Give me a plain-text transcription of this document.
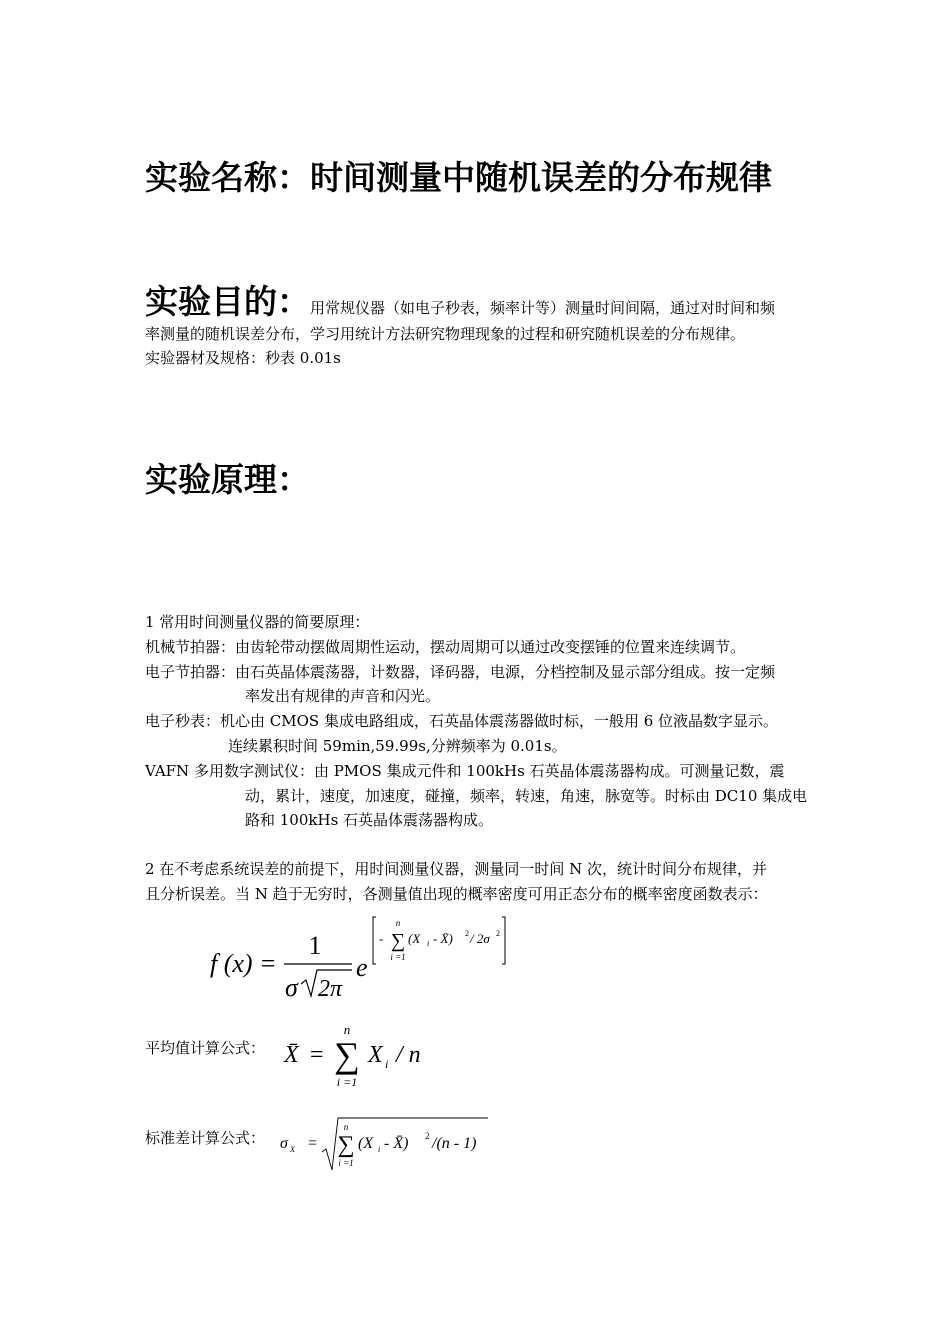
实验名称：时间测量中随机误差的分布规律
实验目的：用常规仪器（如电子秒表，频率计等）测量时间间隔，通过对时间和频
率测量的随机误差分布，学习用统计方法研究物理现象的过程和研究随机误差的分布规律。
实验器材及规格：秒表 0.01s
实验原理：
1 常用时间测量仪器的简要原理：
机械节拍器：由齿轮带动摆做周期性运动，摆动周期可以通过改变摆锤的位置来连续调节。
电子节拍器：由石英晶体震荡器，计数器，译码器，电源，分档控制及显示部分组成。按一定频
率发出有规律的声音和闪光。
电子秒表：机心由 CMOS 集成电路组成，石英晶体震荡器做时标，一般用 6 位液晶数字显示。
连续累积时间 59min,59.99s,分辨频率为 0.01s。
VAFN 多用数字测试仪：由 PMOS 集成元件和 100kHs 石英晶体震荡器构成。可测量记数，震
动，累计，速度，加速度，碰撞，频率，转速，角速，脉宽等。时标由 DC10 集成电
路和 100kHs 石英晶体震荡器构成。
2 在不考虑系统误差的前提下，用时间测量仪器，测量同一时间 N 次，统计时间分布规律，并
且分析误差。当 N 趋于无穷时，各测量值出现的概率密度可用正态分布的概率密度函数表示：
f (x) =
1
σ 2π
e
-
n
∑
i =1
(X i - X̄) 2 / 2σ 2
平均值计算公式： X̄ =
n
∑
i =1
X i / n
标准差计算公式： σ X =
n
∑
i =1
(X i - X̄) 2 /(n - 1)
